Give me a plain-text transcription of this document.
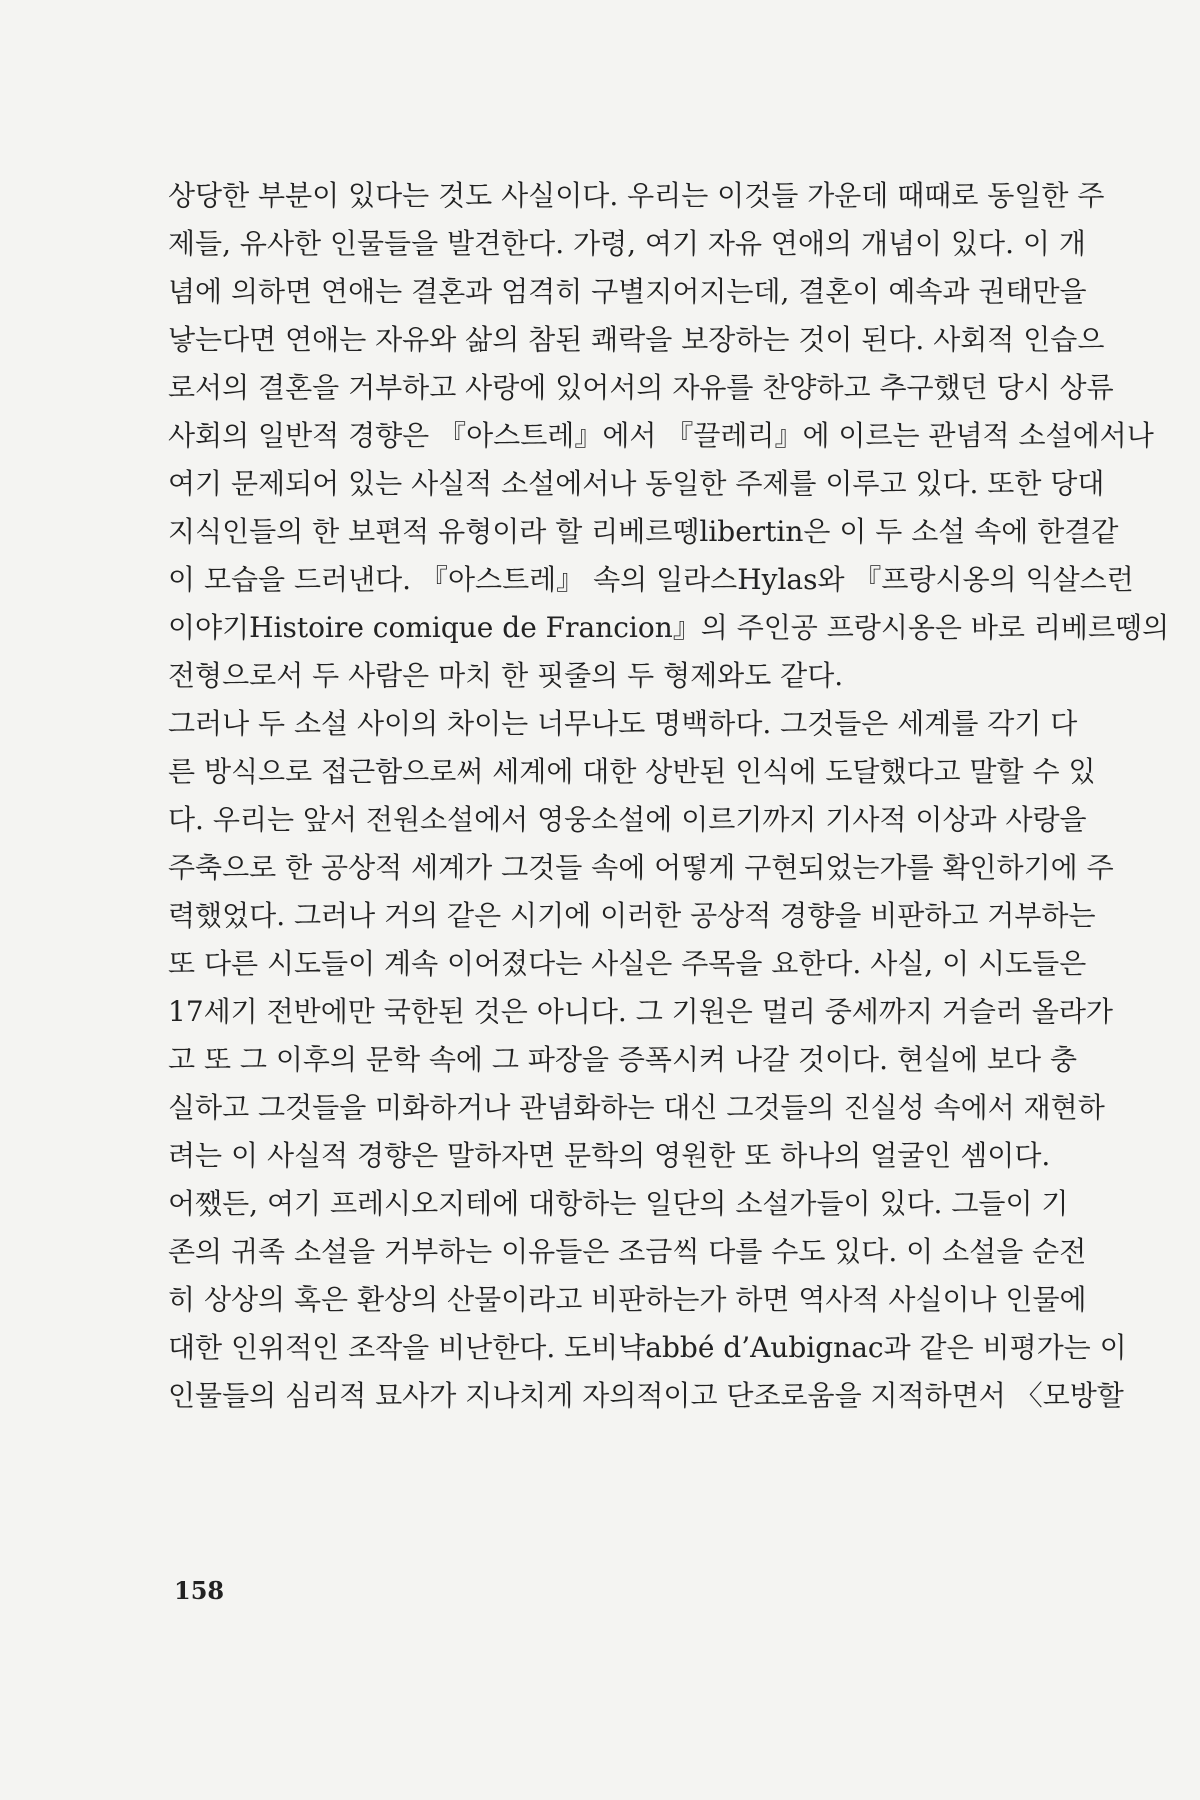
상당한 부분이 있다는 것도 사실이다. 우리는 이것들 가운데 때때로 동일한 주
제들, 유사한 인물들을 발견한다. 가령, 여기 자유 연애의 개념이 있다. 이 개
념에 의하면 연애는 결혼과 엄격히 구별지어지는데, 결혼이 예속과 권태만을
낳는다면 연애는 자유와 삶의 참된 쾌락을 보장하는 것이 된다. 사회적 인습으
로서의 결혼을 거부하고 사랑에 있어서의 자유를 찬양하고 추구했던 당시 상류
사회의 일반적 경향은 『아스트레』에서 『끌레리』에 이르는 관념적 소설에서나
여기 문제되어 있는 사실적 소설에서나 동일한 주제를 이루고 있다. 또한 당대
지식인들의 한 보편적 유형이라 할 리베르뗑libertin은 이 두 소설 속에 한결같
이 모습을 드러낸다. 『아스트레』 속의 일라스Hylas와 『프랑시옹의 익살스런
이야기Histoire comique de Francion』의 주인공 프랑시옹은 바로 리베르뗑의
전형으로서 두 사람은 마치 한 핏줄의 두 형제와도 같다.
그러나 두 소설 사이의 차이는 너무나도 명백하다. 그것들은 세계를 각기 다
른 방식으로 접근함으로써 세계에 대한 상반된 인식에 도달했다고 말할 수 있
다. 우리는 앞서 전원소설에서 영웅소설에 이르기까지 기사적 이상과 사랑을
주축으로 한 공상적 세계가 그것들 속에 어떻게 구현되었는가를 확인하기에 주
력했었다. 그러나 거의 같은 시기에 이러한 공상적 경향을 비판하고 거부하는
또 다른 시도들이 계속 이어졌다는 사실은 주목을 요한다. 사실, 이 시도들은
17세기 전반에만 국한된 것은 아니다. 그 기원은 멀리 중세까지 거슬러 올라가
고 또 그 이후의 문학 속에 그 파장을 증폭시켜 나갈 것이다. 현실에 보다 충
실하고 그것들을 미화하거나 관념화하는 대신 그것들의 진실성 속에서 재현하
려는 이 사실적 경향은 말하자면 문학의 영원한 또 하나의 얼굴인 셈이다.
어쨌든, 여기 프레시오지테에 대항하는 일단의 소설가들이 있다. 그들이 기
존의 귀족 소설을 거부하는 이유들은 조금씩 다를 수도 있다. 이 소설을 순전
히 상상의 혹은 환상의 산물이라고 비판하는가 하면 역사적 사실이나 인물에
대한 인위적인 조작을 비난한다. 도비냑abbé d’Aubignac과 같은 비평가는 이
인물들의 심리적 묘사가 지나치게 자의적이고 단조로움을 지적하면서 〈모방할
158
